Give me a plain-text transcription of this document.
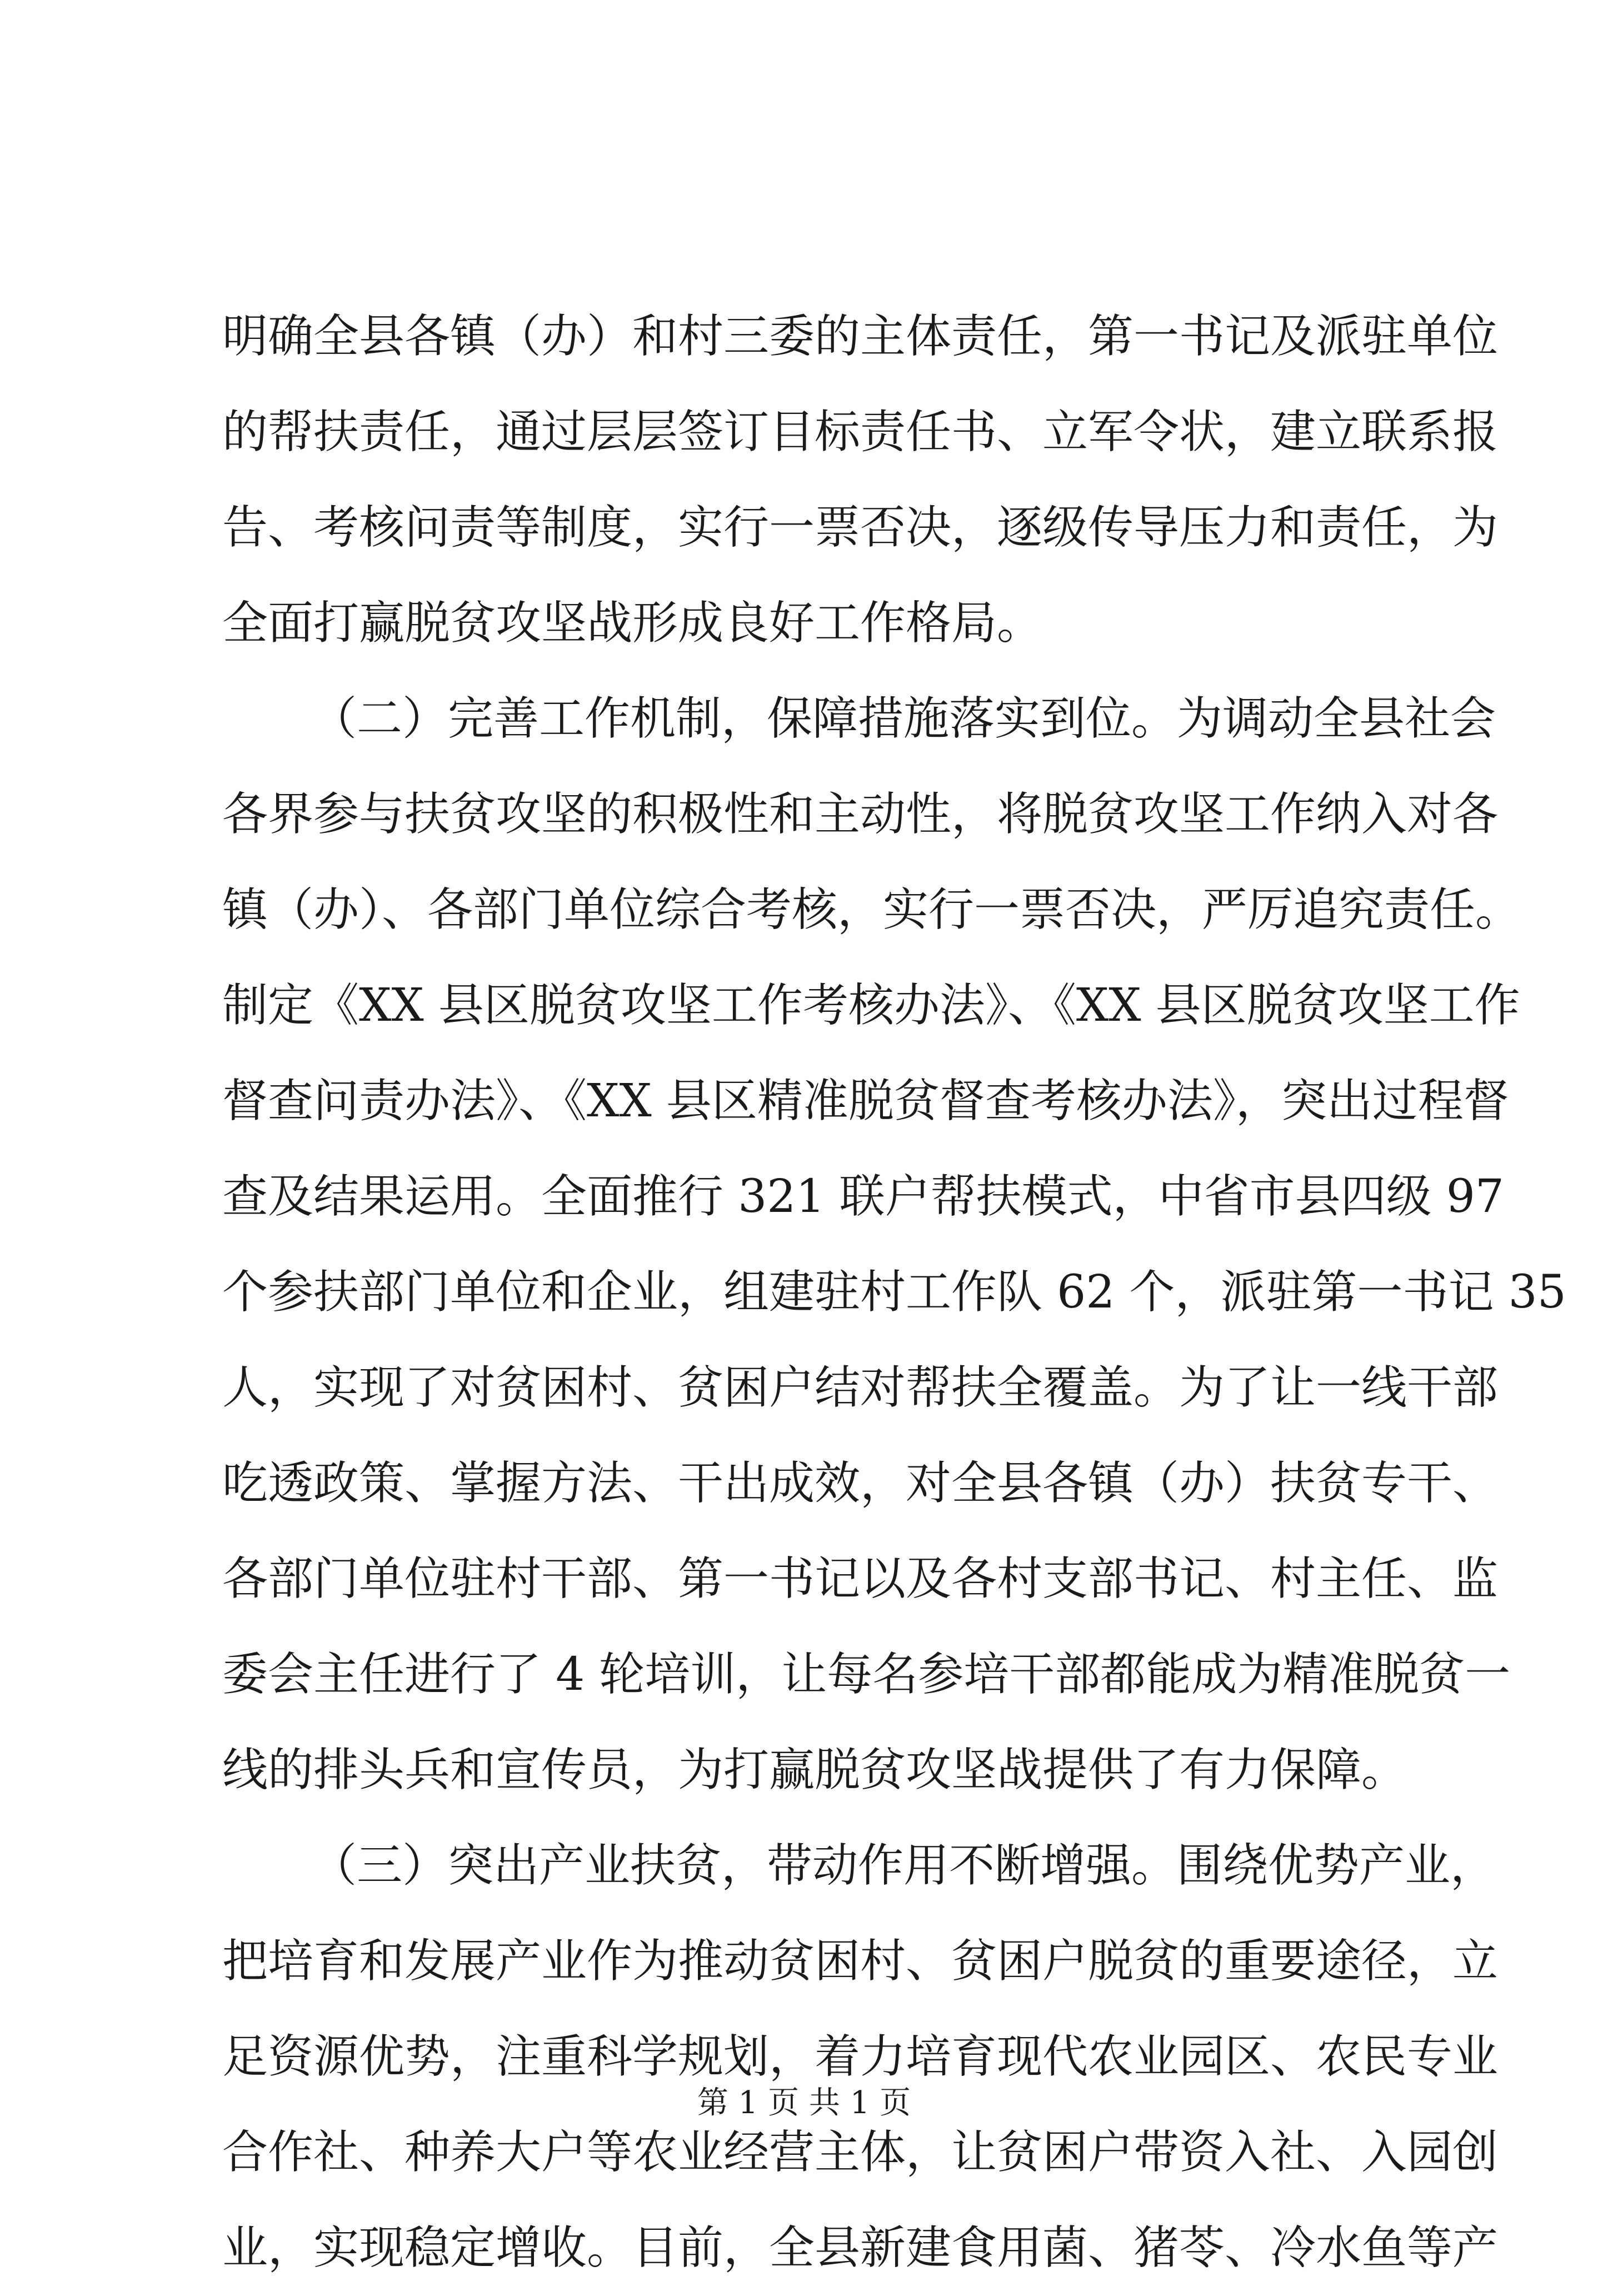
明确全县各镇（办）和村三委的主体责任，第一书记及派驻单位
的帮扶责任，通过层层签订目标责任书、立军令状，建立联系报
告、考核问责等制度，实行一票否决，逐级传导压力和责任，为
全面打赢脱贫攻坚战形成良好工作格局。
（二）完善工作机制，保障措施落实到位。为调动全县社会
各界参与扶贫攻坚的积极性和主动性，将脱贫攻坚工作纳入对各
镇（办）、各部门单位综合考核，实行一票否决，严厉追究责任。
制定《XX 县区脱贫攻坚工作考核办法》、《XX 县区脱贫攻坚工作
督查问责办法》、《XX 县区精准脱贫督查考核办法》，突出过程督
查及结果运用。全面推行 321 联户帮扶模式，中省市县四级 97
个参扶部门单位和企业，组建驻村工作队 62 个，派驻第一书记 35
人，实现了对贫困村、贫困户结对帮扶全覆盖。为了让一线干部
吃透政策、掌握方法、干出成效，对全县各镇（办）扶贫专干、
各部门单位驻村干部、第一书记以及各村支部书记、村主任、监
委会主任进行了 4 轮培训，让每名参培干部都能成为精准脱贫一
线的排头兵和宣传员，为打赢脱贫攻坚战提供了有力保障。
（三）突出产业扶贫，带动作用不断增强。围绕优势产业，
把培育和发展产业作为推动贫困村、贫困户脱贫的重要途径，立
足资源优势，注重科学规划，着力培育现代农业园区、农民专业
合作社、种养大户等农业经营主体，让贫困户带资入社、入园创
业，实现稳定增收。目前，全县新建食用菌、猪苓、冷水鱼等产
第 1 页 共 1 页
